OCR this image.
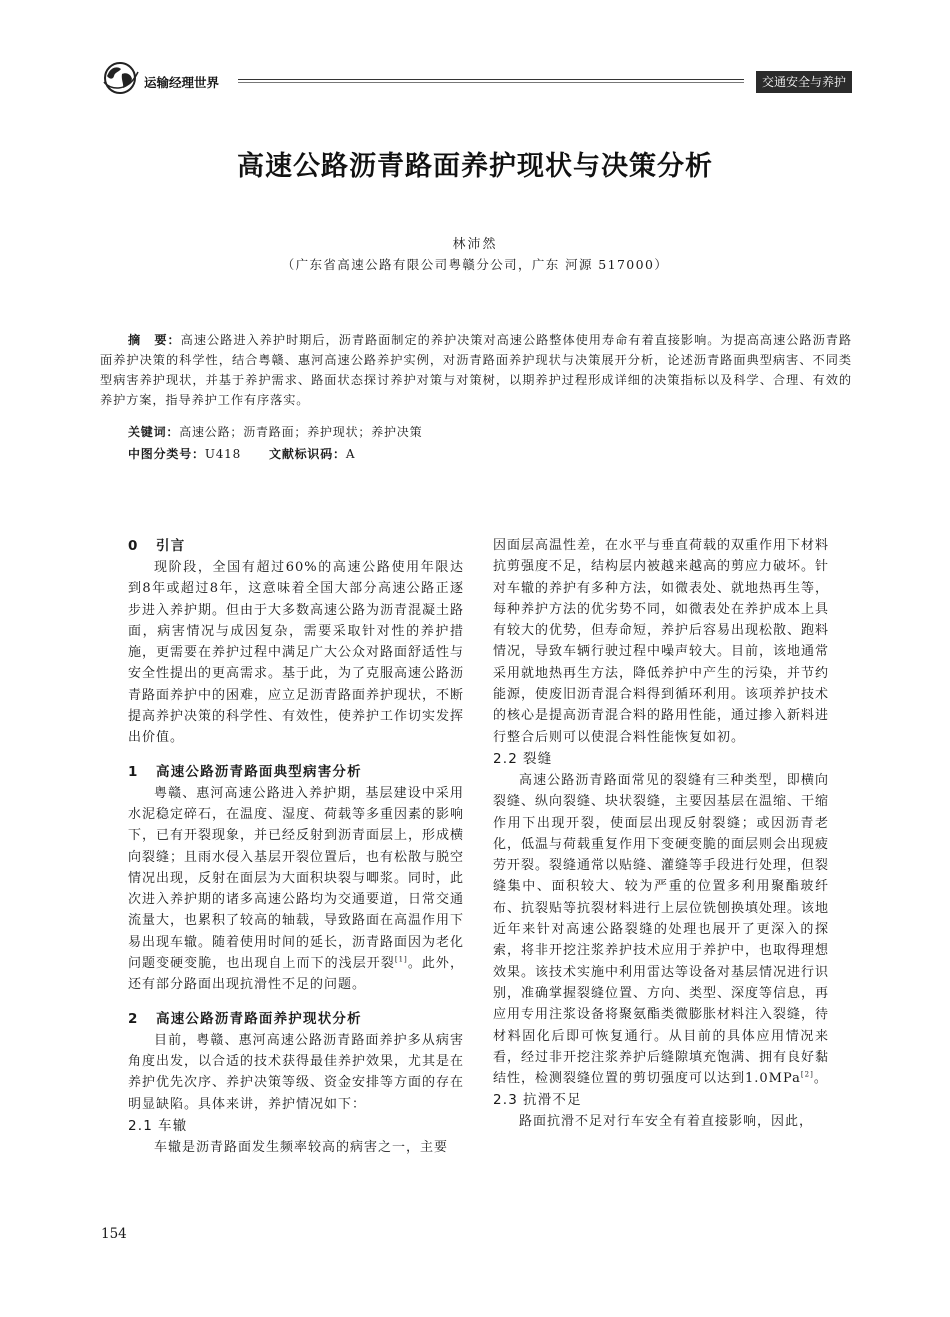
运输经理世界	交通安全与养护
高速公路沥青路面养护现状与决策分析
林沛然
（广东省高速公路有限公司粤赣分公司，广东 河源 517000）
摘　要：高速公路进入养护时期后，沥青路面制定的养护决策对高速公路整体使用寿命有着直接影响。为提高高速公路沥青路面养护决策的科学性，结合粤赣、惠河高速公路养护实例，对沥青路面养护现状与决策展开分析，论述沥青路面典型病害、不同类型病害养护现状，并基于养护需求、路面状态探讨养护对策与对策树，以期养护过程形成详细的决策指标以及科学、合理、有效的养护方案，指导养护工作有序落实。
关键词：高速公路；沥青路面；养护现状；养护决策
中图分类号：U418 文献标识码：A
0 引言

现阶段，全国有超过60%的高速公路使用年限达到8年或超过8年，这意味着全国大部分高速公路正逐步进入养护期。但由于大多数高速公路为沥青混凝土路面，病害情况与成因复杂，需要采取针对性的养护措施，更需要在养护过程中满足广大公众对路面舒适性与安全性提出的更高需求。基于此，为了克服高速公路沥青路面养护中的困难，应立足沥青路面养护现状，不断提高养护决策的科学性、有效性，使养护工作切实发挥出价值。

1 高速公路沥青路面典型病害分析

粤赣、惠河高速公路进入养护期，基层建设中采用水泥稳定碎石，在温度、湿度、荷载等多重因素的影响下，已有开裂现象，并已经反射到沥青面层上，形成横向裂缝；且雨水侵入基层开裂位置后，也有松散与脱空情况出现，反射在面层为大面积块裂与唧浆。同时，此次进入养护期的诸多高速公路均为交通要道，日常交通流量大，也累积了较高的轴载，导致路面在高温作用下易出现车辙。随着使用时间的延长，沥青路面因为老化问题变硬变脆，也出现自上而下的浅层开裂[1]。此外，还有部分路面出现抗滑性不足的问题。

2 高速公路沥青路面养护现状分析

目前，粤赣、惠河高速公路沥青路面养护多从病害角度出发，以合适的技术获得最佳养护效果，尤其是在养护优先次序、养护决策等级、资金安排等方面的存在明显缺陷。具体来讲，养护情况如下：

2.1 车辙

车辙是沥青路面发生频率较高的病害之一，主要

因面层高温性差，在水平与垂直荷载的双重作用下材料抗剪强度不足，结构层内被越来越高的剪应力破坏。针对车辙的养护有多种方法，如微表处、就地热再生等，每种养护方法的优劣势不同，如微表处在养护成本上具有较大的优势，但寿命短，养护后容易出现松散、跑料情况，导致车辆行驶过程中噪声较大。目前，该地通常采用就地热再生方法，降低养护中产生的污染，并节约能源，使废旧沥青混合料得到循环利用。该项养护技术的核心是提高沥青混合料的路用性能，通过掺入新料进行整合后则可以使混合料性能恢复如初。

2.2 裂缝

高速公路沥青路面常见的裂缝有三种类型，即横向裂缝、纵向裂缝、块状裂缝，主要因基层在温缩、干缩作用下出现开裂，使面层出现反射裂缝；或因沥青老化，低温与荷载重复作用下变硬变脆的面层则会出现疲劳开裂。裂缝通常以贴缝、灌缝等手段进行处理，但裂缝集中、面积较大、较为严重的位置多利用聚酯玻纤布、抗裂贴等抗裂材料进行上层位铣刨换填处理。该地近年来针对高速公路裂缝的处理也展开了更深入的探索，将非开挖注浆养护技术应用于养护中，也取得理想效果。该技术实施中利用雷达等设备对基层情况进行识别，准确掌握裂缝位置、方向、类型、深度等信息，再应用专用注浆设备将聚氨酯类微膨胀材料注入裂缝，待材料固化后即可恢复通行。从目前的具体应用情况来看，经过非开挖注浆养护后缝隙填充饱满、拥有良好黏结性，检测裂缝位置的剪切强度可以达到1.0MPa[2]。

2.3 抗滑不足

路面抗滑不足对行车安全有着直接影响，因此，

154
